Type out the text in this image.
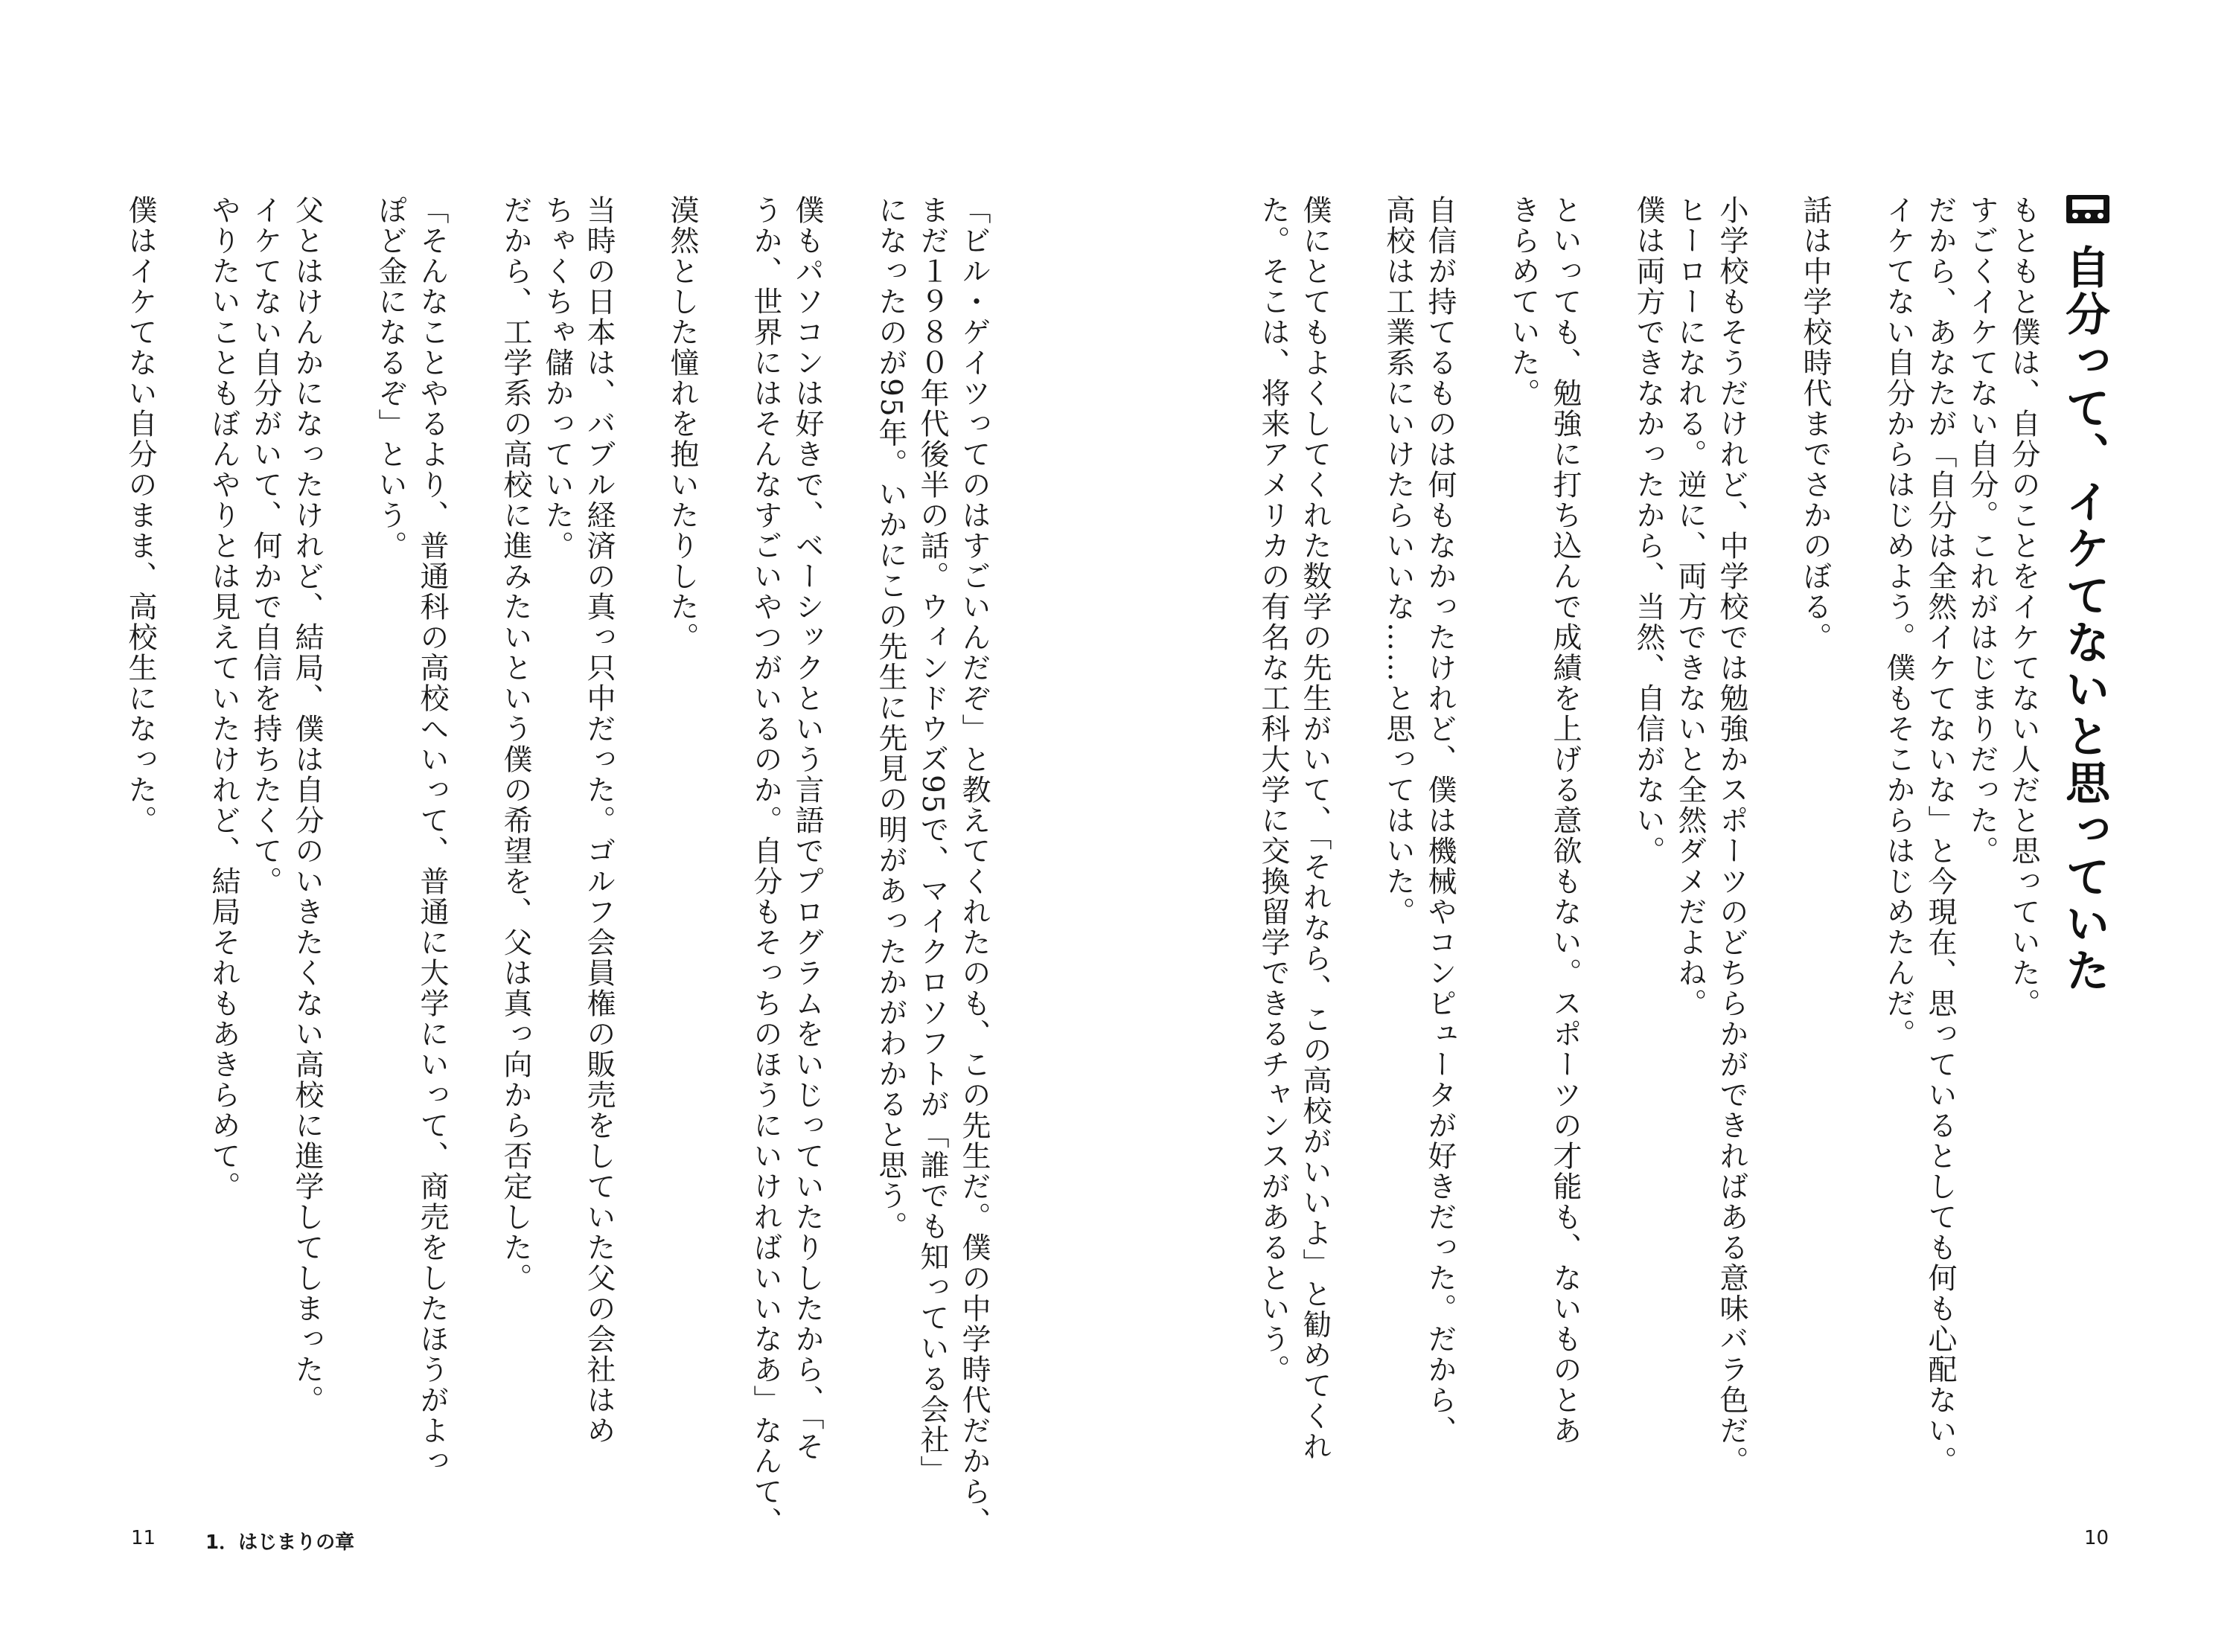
自分って、イケてないと思っていた
もともと僕は、自分のことをイケてない人だと思っていた。
すごくイケてない自分。これがはじまりだった。
だから、あなたが「自分は全然イケてないな」と今現在、思っているとしても何も心配ない。
イケてない自分からはじめよう。僕もそこからはじめたんだ。
話は中学校時代までさかのぼる。
小学校もそうだけれど、中学校では勉強かスポーツのどちらかができればある意味バラ色だ。
ヒーローになれる。逆に、両方できないと全然ダメだよね。
僕は両方できなかったから、当然、自信がない。
といっても、勉強に打ち込んで成績を上げる意欲もない。スポーツの才能も、ないものとあ
きらめていた。
自信が持てるものは何もなかったけれど、僕は機械やコンピュータが好きだった。だから、
高校は工業系にいけたらいいな……と思ってはいた。
僕にとてもよくしてくれた数学の先生がいて、「それなら、この高校がいいよ」と勧めてくれ
た。そこは、将来アメリカの有名な工科大学に交換留学できるチャンスがあるという。
「ビル・ゲイツってのはすごいんだぞ」と教えてくれたのも、この先生だ。僕の中学時代だから、
まだ１９８０年代後半の話。ウィンドウズ95で、マイクロソフトが「誰でも知っている会社」
になったのが95年。いかにこの先生に先見の明があったかがわかると思う。
僕もパソコンは好きで、ベーシックという言語でプログラムをいじっていたりしたから、「そ
うか、世界にはそんなすごいやつがいるのか。自分もそっちのほうにいければいいなあ」なんて、
漠然とした憧れを抱いたりした。
当時の日本は、バブル経済の真っ只中だった。ゴルフ会員権の販売をしていた父の会社はめ
ちゃくちゃ儲かっていた。
だから、工学系の高校に進みたいという僕の希望を、父は真っ向から否定した。
「そんなことやるより、普通科の高校へいって、普通に大学にいって、商売をしたほうがよっ
ぽど金になるぞ」という。
父とはけんかになったけれど、結局、僕は自分のいきたくない高校に進学してしまった。
イケてない自分がいて、何かで自信を持ちたくて。
やりたいこともぼんやりとは見えていたけれど、結局それもあきらめて。
僕はイケてない自分のまま、高校生になった。
11	1．はじまりの章	10
